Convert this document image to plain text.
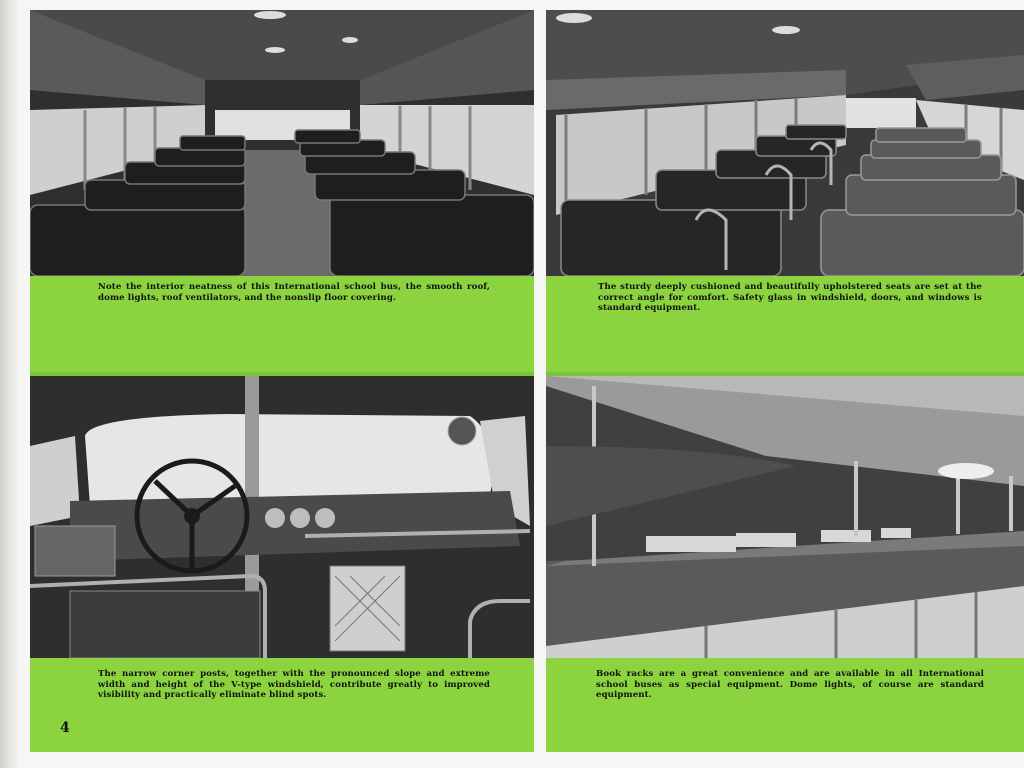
Note the interior neatness of this International school bus, the smooth roof, dome lights, roof ventilators, and the nonslip floor covering.
The sturdy deeply cushioned and beautifully upholstered seats are set at the correct angle for comfort. Safety glass in windshield, doors, and windows is standard equipment.
The narrow corner posts, together with the pronounced slope and extreme width and height of the V-type windshield, contribute greatly to improved visibility and practically eliminate blind spots.
Book racks are a great convenience and are available in all International school buses as special equipment. Dome lights, of course are standard equipment.
4
